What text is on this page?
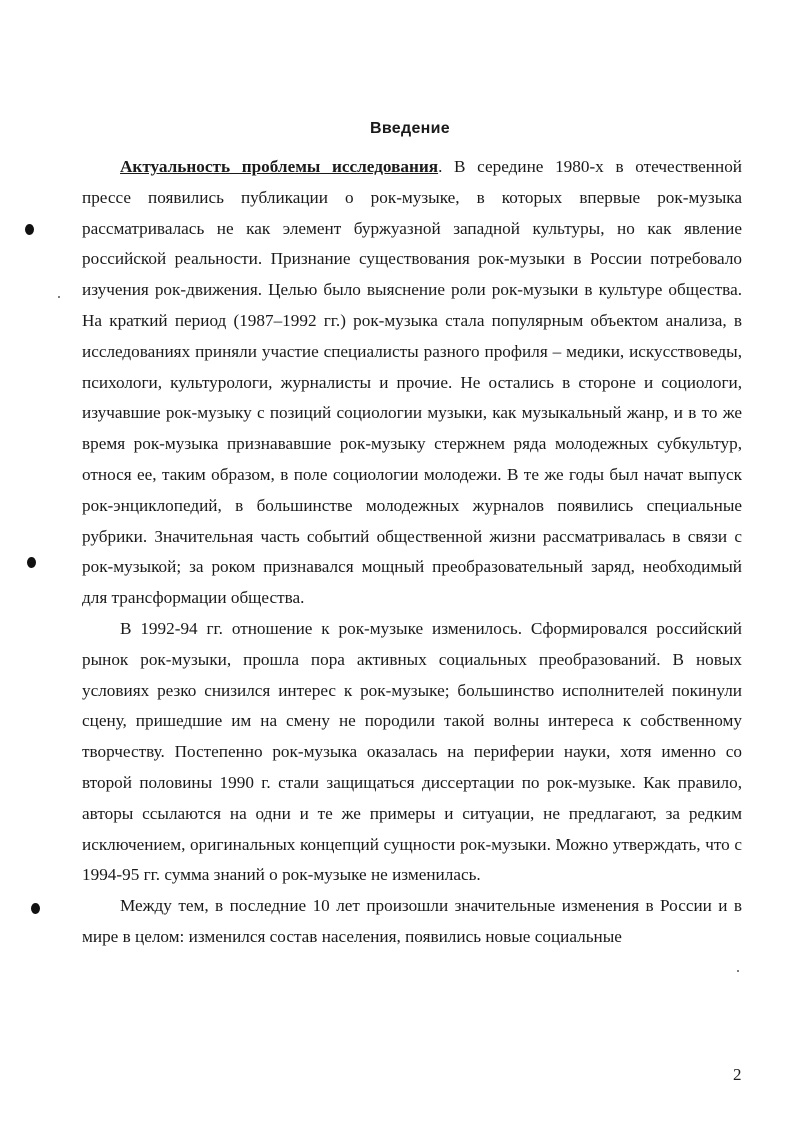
Введение

Актуальность проблемы исследования. В середине 1980-х в отечественной прессе появились публикации о рок-музыке, в которых впервые рок-музыка рассматривалась не как элемент буржуазной западной культуры, но как явление российской реальности. Признание существования рок-музыки в России потребовало изучения рок-движения. Целью было выяснение роли рок-музыки в культуре общества. На краткий период (1987–1992 гг.) рок-музыка стала популярным объектом анализа, в исследованиях приняли участие специалисты разного профиля – медики, искусствоведы, психологи, культурологи, журналисты и прочие. Не остались в стороне и социологи, изучавшие рок-музыку с позиций социологии музыки, как музыкальный жанр, и в то же время рок-музыка признававшие рок-музыку стержнем ряда молодежных субкультур, относя ее, таким образом, в поле социологии молодежи. В те же годы был начат выпуск рок-энциклопедий, в большинстве молодежных журналов появились специальные рубрики. Значительная часть событий общественной жизни рассматривалась в связи с рок-музыкой; за роком признавался мощный преобразовательный заряд, необходимый для трансформации общества.

В 1992-94 гг. отношение к рок-музыке изменилось. Сформировался российский рынок рок-музыки, прошла пора активных социальных преобразований. В новых условиях резко снизился интерес к рок-музыке; большинство исполнителей покинули сцену, пришедшие им на смену не породили такой волны интереса к собственному творчеству. Постепенно рок-музыка оказалась на периферии науки, хотя именно со второй половины 1990 г. стали защищаться диссертации по рок-музыке. Как правило, авторы ссылаются на одни и те же примеры и ситуации, не предлагают, за редким исключением, оригинальных концепций сущности рок-музыки. Можно утверждать, что с 1994-95 гг. сумма знаний о рок-музыке не изменилась.

Между тем, в последние 10 лет произошли значительные изменения в России и в мире в целом: изменился состав населения, появились новые социальные

2
